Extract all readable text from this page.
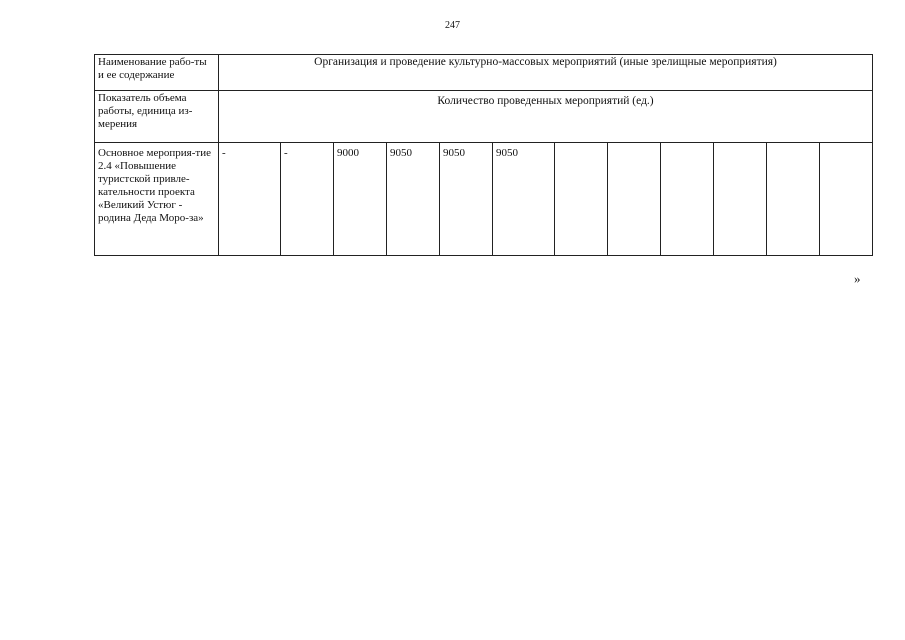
247
Наименование рабо-ты и ее содержание	Организация и проведение культурно-массовых мероприятий (иные зрелищные мероприятия)											
Показатель объема работы, единица из-мерения	Количество проведенных мероприятий (ед.)											
Основное мероприя-тие 2.4 «Повышение туристской привле-кательности проекта «Великий Устюг - родина Деда Моро-за»	-	-	9000	9050	9050	9050						
»
